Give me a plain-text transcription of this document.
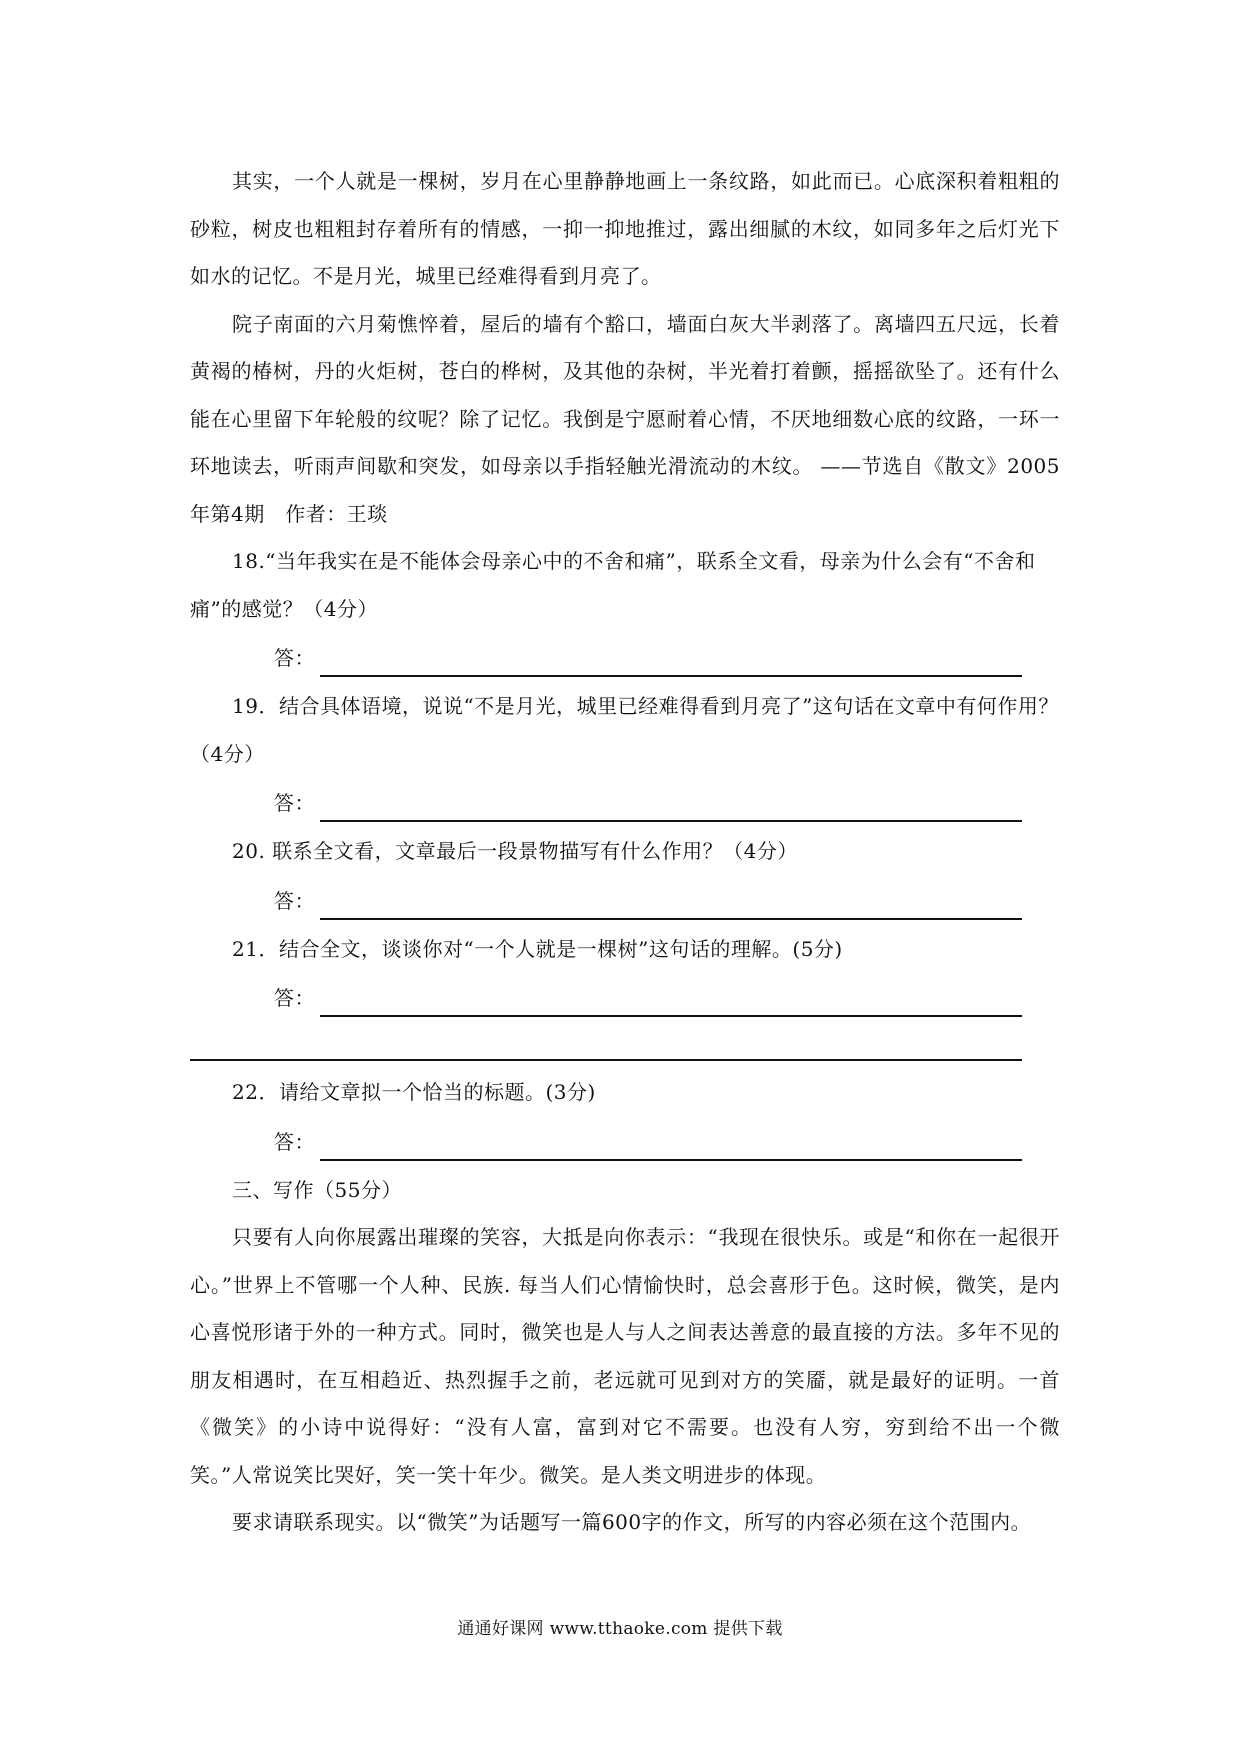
其实，一个人就是一棵树，岁月在心里静静地画上一条纹路，如此而已。心底深积着粗粗的砂粒，树皮也粗粗封存着所有的情感，一抑一抑地推过，露出细腻的木纹，如同多年之后灯光下如水的记忆。不是月光，城里已经难得看到月亮了。

院子南面的六月菊憔悴着，屋后的墙有个豁口，墙面白灰大半剥落了。离墙四五尺远，长着黄褐的椿树，丹的火炬树，苍白的桦树，及其他的杂树，半光着打着颤，摇摇欲坠了。还有什么能在心里留下年轮般的纹呢？除了记忆。我倒是宁愿耐着心情，不厌地细数心底的纹路，一环一环地读去，听雨声间歇和突发，如母亲以手指轻触光滑流动的木纹。 ——节选自《散文》2005年第4期　作者：王琰

18.“当年我实在是不能体会母亲心中的不舍和痛”，联系全文看，母亲为什么会有“不舍和痛”的感觉？（4分）

答：

19．结合具体语境，说说“不是月光，城里已经难得看到月亮了”这句话在文章中有何作用？（4分）

答：

20. 联系全文看，文章最后一段景物描写有什么作用？（4分）

答：

21．结合全文，谈谈你对“一个人就是一棵树”这句话的理解。(5分)

答：

22．请给文章拟一个恰当的标题。(3分)

答：

三、写作（55分）

只要有人向你展露出璀璨的笑容，大抵是向你表示：“我现在很快乐。或是“和你在一起很开心。”世界上不管哪一个人种、民族. 每当人们心情愉快时，总会喜形于色。这时候，微笑，是内心喜悦形诸于外的一种方式。同时，微笑也是人与人之间表达善意的最直接的方法。多年不见的朋友相遇时，在互相趋近、热烈握手之前，老远就可见到对方的笑靥，就是最好的证明。一首《微笑》的小诗中说得好：“没有人富，富到对它不需要。也没有人穷，穷到给不出一个微笑。”人常说笑比哭好，笑一笑十年少。微笑。是人类文明进步的体现。

要求请联系现实。以“微笑”为话题写一篇600字的作文，所写的内容必须在这个范围内。

通通好课网 www.tthaoke.com 提供下载
